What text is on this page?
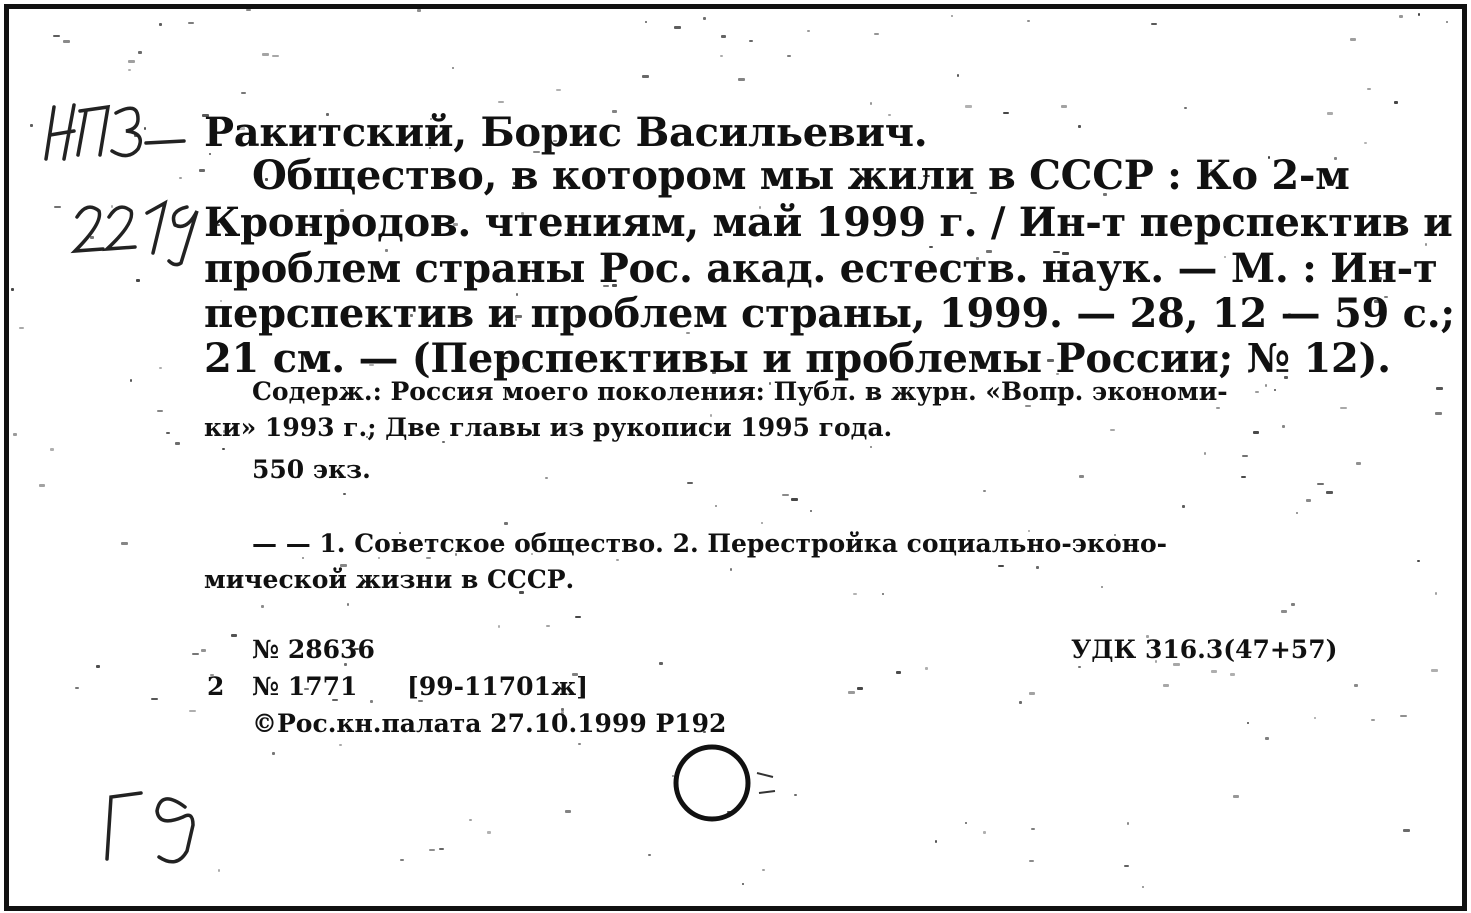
Ракитский, Борис Васильевич.
Общество, в котором мы жили в СССР : Ко 2-м
Кронродов. чтениям, май 1999 г. / Ин-т перспектив и
проблем страны Рос. акад. естеств. наук. — М. : Ин-т
перспектив и проблем страны, 1999. — 28, 12 — 59 с.;
21 см. — (Перспективы и проблемы России; № 12).
Содерж.: Россия моего поколения: Публ. в журн. «Вопр. экономи-
ки» 1993 г.; Две главы из рукописи 1995 года.
550 экз.
— — 1. Советское общество. 2. Перестройка социально-эконо-
мической жизни в СССР.
№ 28636	УДК 316.3(47+57)
2 № 1771 [99-11701ж]
©Рос.кн.палата 27.10.1999 Р192
